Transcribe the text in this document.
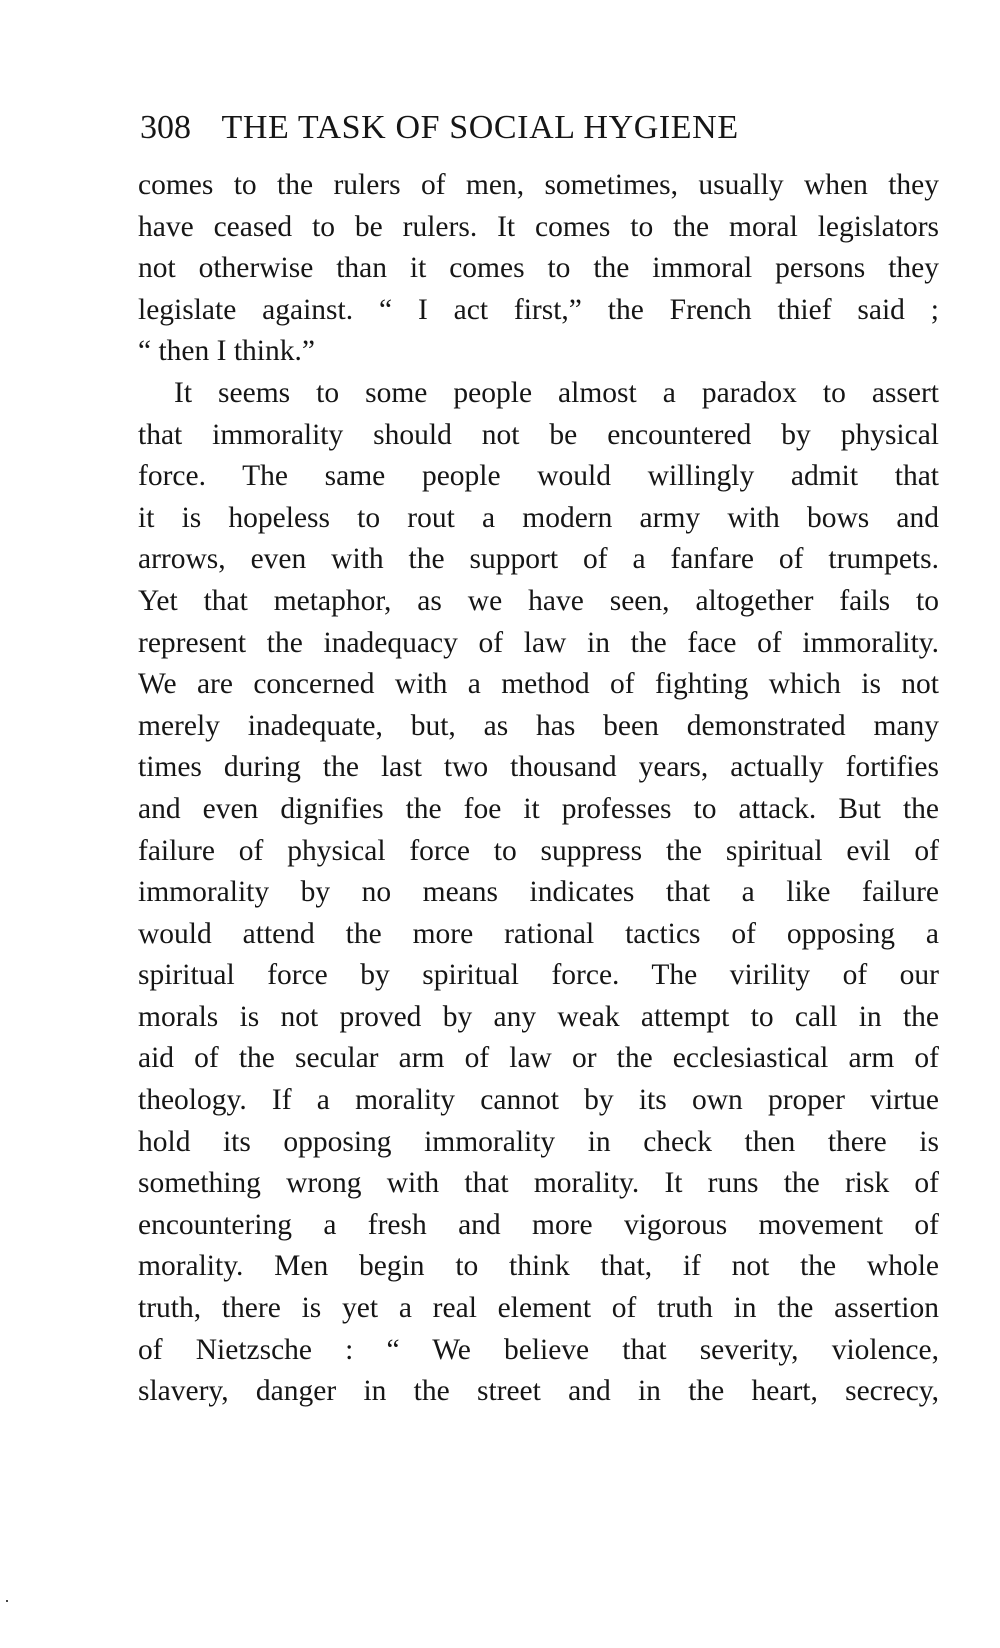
308 THE TASK OF SOCIAL HYGIENE
comes to the rulers of men, sometimes, usually when they
have ceased to be rulers. It comes to the moral legislators
not otherwise than it comes to the immoral persons they
legislate against. “ I act first,” the French thief said ;
“ then I think.”
It seems to some people almost a paradox to assert
that immorality should not be encountered by physical
force. The same people would willingly admit that
it is hopeless to rout a modern army with bows and
arrows, even with the support of a fanfare of trumpets.
Yet that metaphor, as we have seen, altogether fails to
represent the inadequacy of law in the face of immorality.
We are concerned with a method of fighting which is not
merely inadequate, but, as has been demonstrated many
times during the last two thousand years, actually fortifies
and even dignifies the foe it professes to attack. But the
failure of physical force to suppress the spiritual evil of
immorality by no means indicates that a like failure
would attend the more rational tactics of opposing a
spiritual force by spiritual force. The virility of our
morals is not proved by any weak attempt to call in the
aid of the secular arm of law or the ecclesiastical arm of
theology. If a morality cannot by its own proper virtue
hold its opposing immorality in check then there is
something wrong with that morality. It runs the risk of
encountering a fresh and more vigorous movement of
morality. Men begin to think that, if not the whole
truth, there is yet a real element of truth in the assertion
of Nietzsche : “ We believe that severity, violence,
slavery, danger in the street and in the heart, secrecy,
